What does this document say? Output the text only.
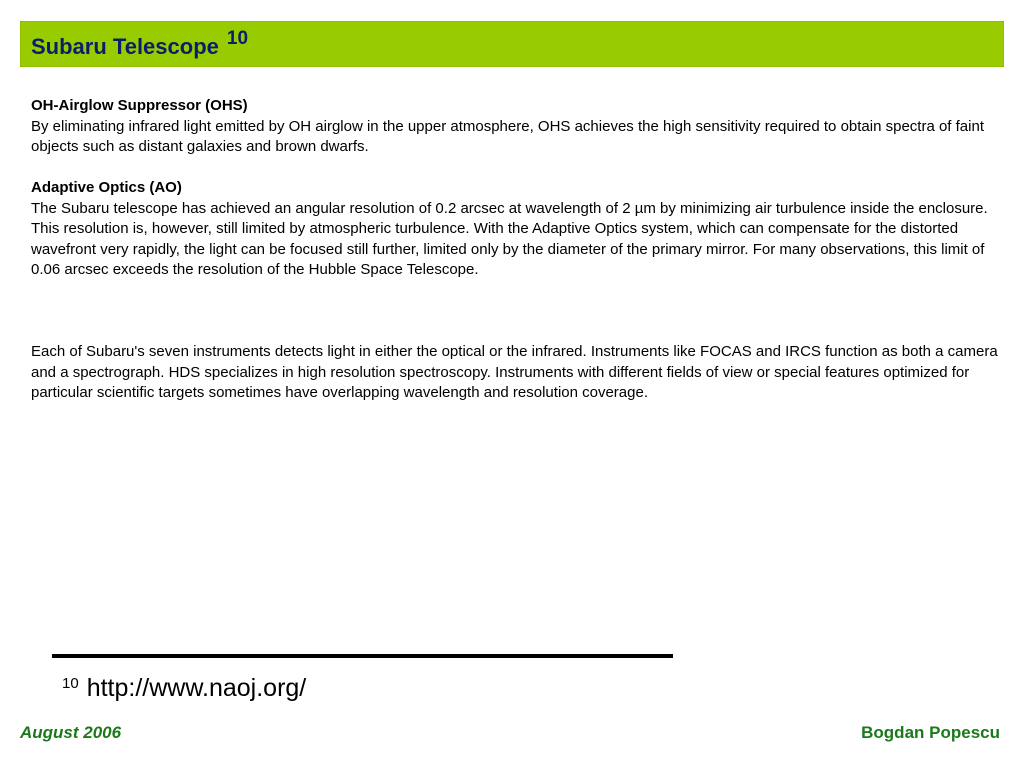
Subaru Telescope 10
OH-Airglow Suppressor (OHS)
By eliminating infrared light emitted by OH airglow in the upper atmosphere, OHS achieves the high sensitivity required to obtain spectra of faint objects such as distant galaxies and brown dwarfs.
Adaptive Optics (AO)
The Subaru telescope has achieved an angular resolution of 0.2 arcsec at wavelength of 2 µm by minimizing air turbulence inside the enclosure. This resolution is, however, still limited by atmospheric turbulence. With the Adaptive Optics system, which can compensate for the distorted wavefront very rapidly, the light can be focused still further, limited only by the diameter of the primary mirror. For many observations, this limit of 0.06 arcsec exceeds the resolution of the Hubble Space Telescope.
Each of Subaru's seven instruments detects light in either the optical or the infrared. Instruments like FOCAS and IRCS function as both a camera and a spectrograph. HDS specializes in high resolution spectroscopy. Instruments with different fields of view or special features optimized for particular scientific targets sometimes have overlapping wavelength and resolution coverage.
10 http://www.naoj.org/
August 2006	Bogdan Popescu
